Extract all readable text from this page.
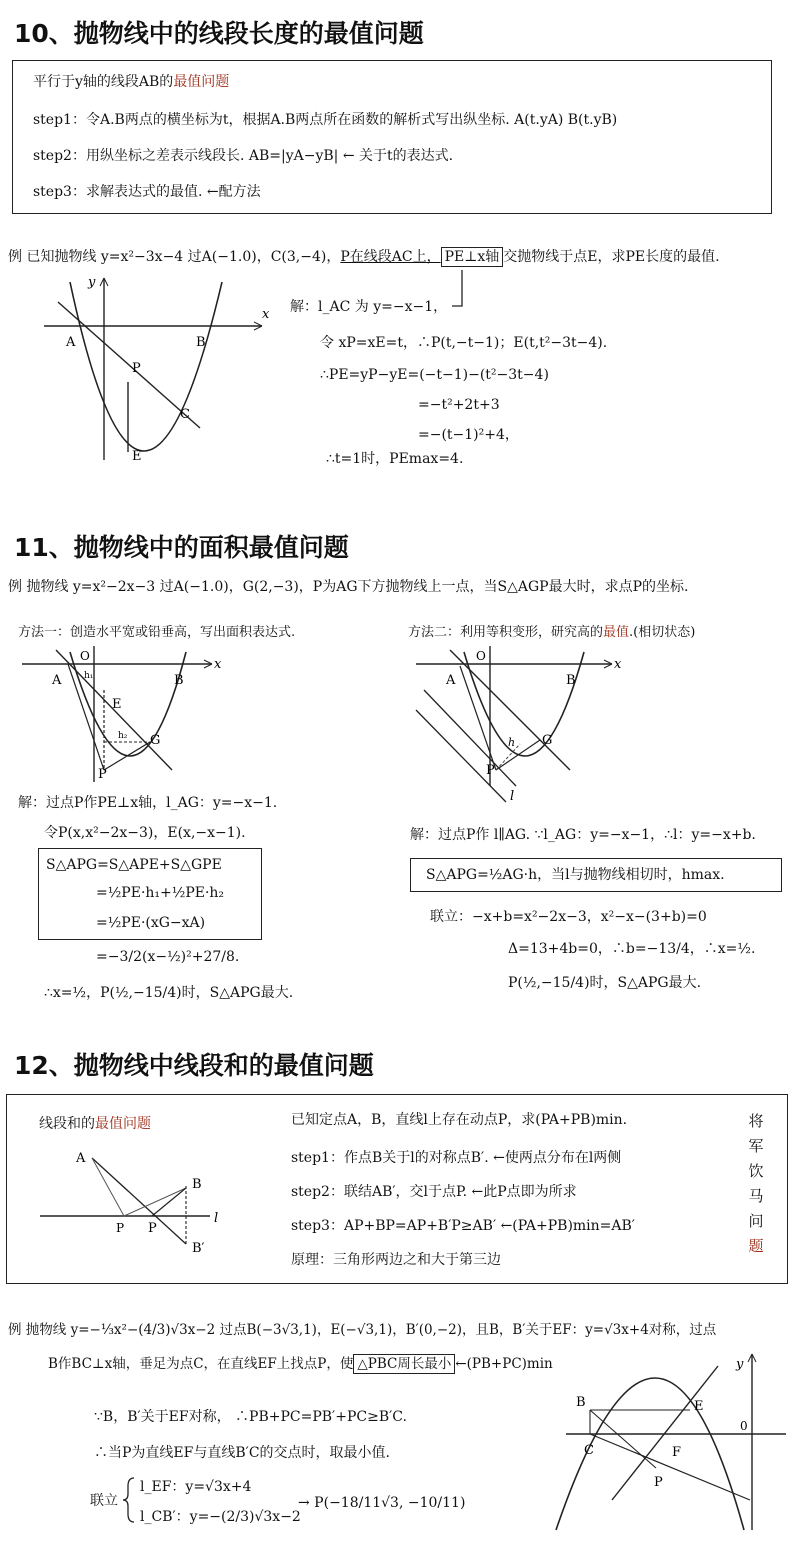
10、抛物线中的线段长度的最值问题
平行于y轴的线段AB的最值问题
step1：令A.B两点的横坐标为t，根据A.B两点所在函数的解析式写出纵坐标. A(t.yA) B(t.yB)
step2：用纵坐标之差表示线段长. AB=|yA−yB| ← 关于t的表达式.
step3：求解表达式的最值. ←配方法
例 已知抛物线 y=x²−3x−4 过A(−1.0)，C(3,−4)，P在线段AC上， PE⊥x轴 交抛物线于点E，求PE长度的最值.
x
y
A	B
C
P
E
x
O
A	B
E
G
P
h₁
h₂
x
O
A	B
G
P
h
l
A
B
B′
P P
l
y
B
C
E
F
P
0
解：l_AC 为 y=−x−1，
令 xP=xE=t，∴P(t,−t−1)；E(t,t²−3t−4).
∴PE=yP−yE=(−t−1)−(t²−3t−4)
=−t²+2t+3
=−(t−1)²+4，
∴t=1时，PEmax=4.
11、抛物线中的面积最值问题
例 抛物线 y=x²−2x−3 过A(−1.0)，G(2,−3)，P为AG下方抛物线上一点，当S△AGP最大时，求点P的坐标.
方法一：创造水平宽或铅垂高，写出面积表达式.	方法二：利用等积变形，研究高的最值.(相切状态)
解：过点P作PE⊥x轴，l_AG：y=−x−1.
令P(x,x²−2x−3)，E(x,−x−1).
S△APG=S△APE+S△GPE
=½PE·h₁+½PE·h₂
=½PE·(xG−xA)
=−3/2(x−½)²+27/8.
∴x=½，P(½,−15/4)时，S△APG最大.
解：过点P作 l∥AG. ∵l_AG：y=−x−1，∴l：y=−x+b.
S△APG=½AG·h，当l与抛物线相切时，hmax.
联立：−x+b=x²−2x−3，x²−x−(3+b)=0
Δ=13+4b=0，∴b=−13/4，∴x=½.
P(½,−15/4)时，S△APG最大.
12、抛物线中线段和的最值问题
线段和的最值问题	已知定点A，B，直线l上存在动点P，求(PA+PB)min.
step1：作点B关于l的对称点B′. ←使两点分布在l两侧
step2：联结AB′，交l于点P. ←此P点即为所求
step3：AP+BP=AP+B′P≥AB′ ←(PA+PB)min=AB′
原理：三角形两边之和大于第三边
将
军
饮
马
问
题
例 抛物线 y=−⅓x²−(4/3)√3x−2 过点B(−3√3,1)，E(−√3,1)，B′(0,−2)，且B，B′关于EF：y=√3x+4对称，过点
B作BC⊥x轴，垂足为点C，在直线EF上找点P，使 △PBC周长最小 ←(PB+PC)min
∵B，B′关于EF对称， ∴PB+PC=PB′+PC≥B′C.
∴当P为直线EF与直线B′C的交点时，取最小值.
联立
l_EF：y=√3x+4
l_CB′：y=−(2/3)√3x−2
→ P(−18/11√3, −10/11)
